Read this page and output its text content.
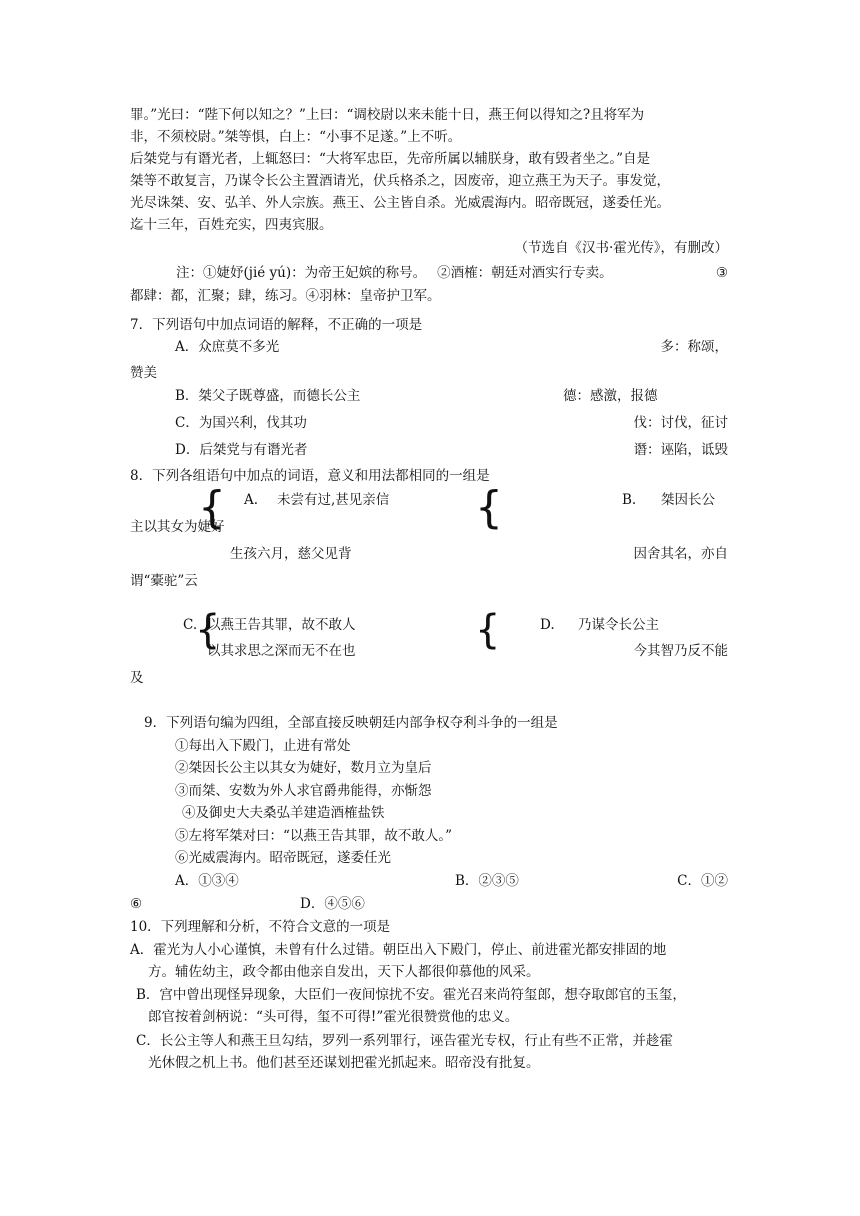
罪。”光曰：“陛下何以知之？”上曰：“调校尉以来未能十日，燕王何以得知之?且将军为
非，不须校尉。”桀等惧，白上：“小事不足遂。”上不听。
后桀党与有谮光者，上辄怒曰：“大将军忠臣，先帝所属以辅朕身，敢有毁者坐之。”自是
桀等不敢复言，乃谋令长公主置酒请光，伏兵格杀之，因废帝，迎立燕王为天子。事发觉，
光尽诛桀、安、弘羊、外人宗族。燕王、公主皆自杀。光威震海内。昭帝既冠，遂委任光。
迄十三年，百姓充实，四夷宾服。
（节选自《汉书·霍光传》，有删改）
注：①婕妤(jié yú)：为帝王妃嫔的称号。　 ②酒榷：朝廷对酒实行专卖。	③
都肆：都，汇聚；肆，练习。④羽林：皇帝护卫军。
7．下列语句中加点词语的解释，不正确的一项是
A．众庶莫不多光	多：称颂，
赞美
B．桀父子既尊盛，而德长公主	德：感激，报德
C．为国兴利，伐其功	伐：讨伐，征讨
D．后桀党与有谮光者	谮：诬陷，诋毁
8．下列各组语句中加点的词语，意义和用法都相同的一组是
{ A. 未尝有过,甚见亲信 {	B. 桀因长公
主以其女为婕好
生孩六月，慈父见背	因舍其名，亦自
谓“橐驼”云
C.
{
以燕王告其罪，故不敢人
以其求思之深而无不在也	{	D. 乃谋令长公主
今其智乃反不能
及
9．下列语句编为四组，全部直接反映朝廷内部争权夺利斗争的一组是
①每出入下殿门，止进有常处
②桀因长公主以其女为婕好，数月立为皇后
③而桀、安数为外人求官爵弗能得，亦惭怨
④及御史大夫桑弘羊建造酒榷盐铁
⑤左将军桀对曰：“以燕王告其罪，故不敢人。”
⑥光威震海内。昭帝既冠，遂委任光
A．①③④	B．②③⑤	C．①②
⑥	D．④⑤⑥
10．下列理解和分析，不符合文意的一项是
A．霍光为人小心谨慎，未曾有什么过错。朝臣出入下殿门，停止、前进霍光都安排固的地
方。辅佐幼主，政令都由他亲自发出，天下人都很仰慕他的风采。
B．宫中曾出现怪异现象，大臣们一夜间惊扰不安。霍光召来尚符玺郎，想夺取郎官的玉玺，
郎官按着剑柄说：“头可得，玺不可得!”霍光很赞赏他的忠义。
C．长公主等人和燕王旦勾结，罗列一系列罪行，诬告霍光专权，行止有些不正常，并趁霍
光休假之机上书。他们甚至还谋划把霍光抓起来。昭帝没有批复。
